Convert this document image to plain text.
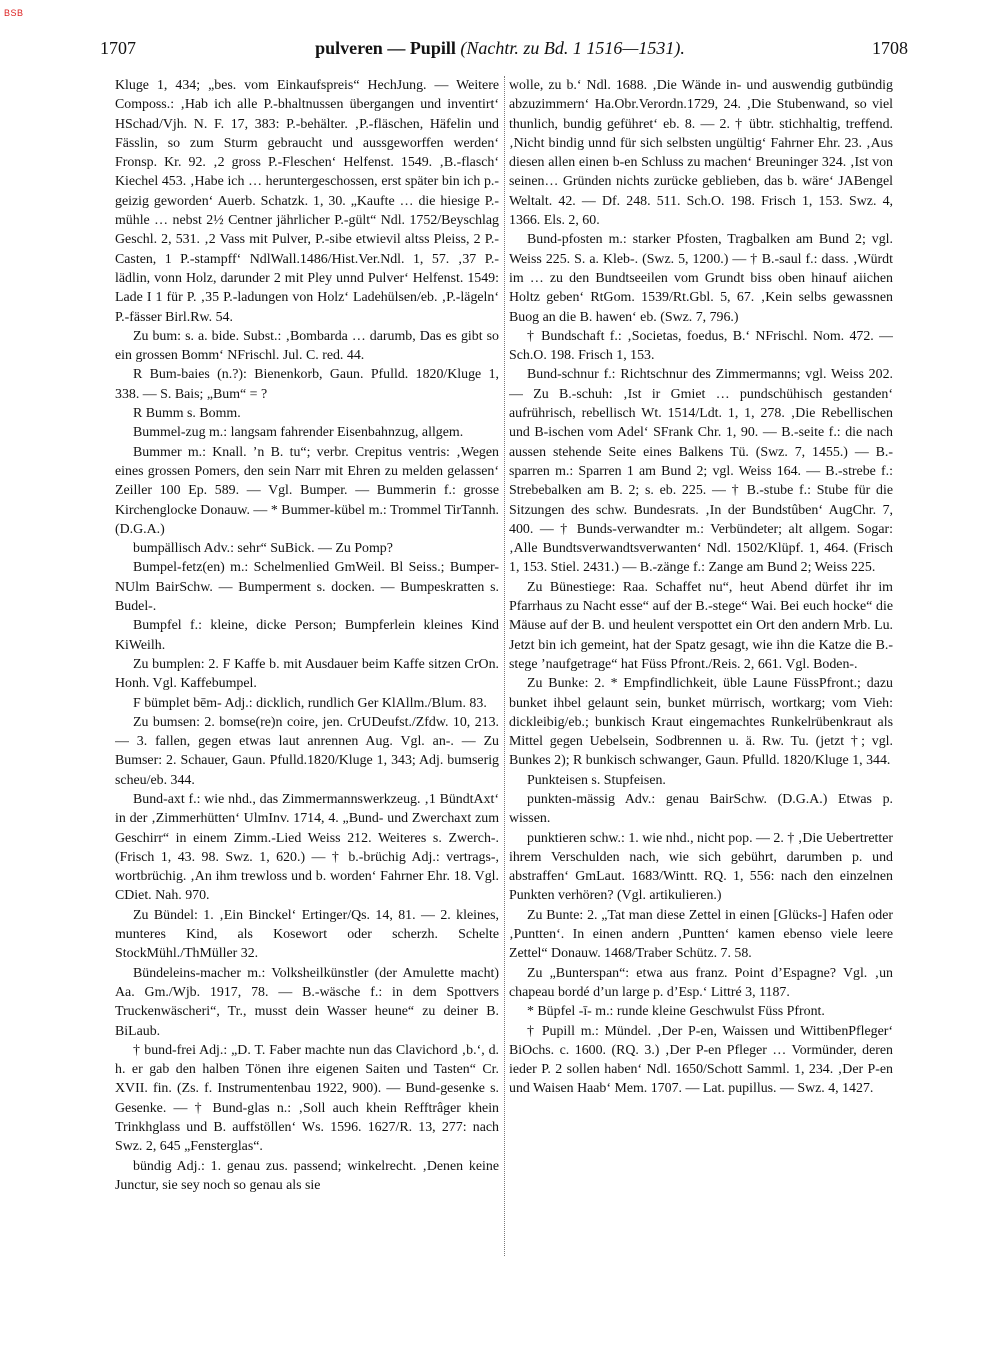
BSB
1707	pulveren — Pupill (Nachtr. zu Bd. 1 1516—1531).	1708

Kluge 1, 434; „bes. vom Einkaufspreis“ HechJung. — Weitere Composs.: ‚Hab ich alle P.-bhaltnussen übergangen und inventirt‘ HSchad/Vjh. N. F. 17, 383: P.-behälter. ‚P.-fläschen, Häfelin und Fässlin, so zum Sturm gebraucht und aussgeworffen werden‘ Fronsp. Kr. 92. ‚2 gross P.-Fleschen‘ Helfenst. 1549. ‚B.-flasch‘ Kiechel 453. ‚Habe ich … heruntergeschossen, erst später bin ich p.-geizig geworden‘ Auerb. Schatzk. 1, 30. „Kaufte … die hiesige P.-mühle … nebst 2½ Centner jährlicher P.-gült“ Ndl. 1752/Beyschlag Geschl. 2, 531. ‚2 Vass mit Pulver, P.-sibe etwievil altss Pleiss, 2 P.-Casten, 1 P.-stampff‘ NdlWall.1486/Hist.Ver.Ndl. 1, 57. ‚37 P.-lädlin, vonn Holz, darunder 2 mit Pley unnd Pulver‘ Helfenst. 1549: Lade I 1 für P. ‚35 P.-ladungen von Holz‘ Ladehülsen/eb. ‚P.-lägeln‘ P.-fässer Birl.Rw. 54.

Zu bum: s. a. bide. Subst.: ‚Bombarda … darumb, Das es gibt so ein grossen Bomm‘ NFrischl. Jul. C. red. 44.

R Bum-baies (n.?): Bienenkorb, Gaun. Pfulld. 1820/Kluge 1, 338. — S. Bais; „Bum“ = ?

R Bumm s. Bomm.

Bummel-zug m.: langsam fahrender Eisenbahnzug, allgem.

Bummer m.: Knall. ’n B. tu“; verbr. Crepitus ventris: ‚Wegen eines grossen Pomers, den sein Narr mit Ehren zu melden gelassen‘ Zeiller 100 Ep. 589. — Vgl. Bumper. — Bummerin f.: grosse Kirchenglocke Donauw. — * Bummer-kübel m.: Trommel TirTannh. (D.G.A.)

bumpällisch Adv.: sehr“ SuBick. — Zu Pomp?

Bumpel-fetz(en) m.: Schelmenlied GmWeil. Bl Seiss.; Bumper- NUlm BairSchw. — Bumperment s. docken. — Bumpeskratten s. Budel-.

Bumpfel f.: kleine, dicke Person; Bumpferlein kleines Kind KiWeilh.

Zu bumplen: 2. F Kaffe b. mit Ausdauer beim Kaffe sitzen CrOn. Honh. Vgl. Kaffebumpel.

F bümplet bēm- Adj.: dicklich, rundlich Ger KlAllm./Blum. 83.

Zu bumsen: 2. bomse(re)n coire, jen. CrUDeufst./Zfdw. 10, 213. — 3. fallen, gegen etwas laut anrennen Aug. Vgl. an-. — Zu Bumser: 2. Schauer, Gaun. Pfulld.1820/Kluge 1, 343; Adj. bumserig scheu/eb. 344.

Bund-axt f.: wie nhd., das Zimmermannswerkzeug. ‚1 BündtAxt‘ in der ‚Zimmerhütten‘ UlmInv. 1714, 4. „Bund- und Zwerchaxt zum Geschirr“ in einem Zimm.-Lied Weiss 212. Weiteres s. Zwerch-. (Frisch 1, 43. 98. Swz. 1, 620.) — † b.-brüchig Adj.: vertrags-, wortbrüchig. ‚An ihm trewloss und b. worden‘ Fahrner Ehr. 18. Vgl. CDiet. Nah. 970.

Zu Bündel: 1. ‚Ein Binckel‘ Ertinger/Qs. 14, 81. — 2. kleines, munteres Kind, als Kosewort oder scherzh. Schelte StockMühl./ThMüller 32.

Bündeleins-macher m.: Volksheilkünstler (der Amulette macht) Aa. Gm./Wjb. 1917, 78. — B.-wäsche f.: in dem Spottvers Truckenwäscheri“, Tr., musst dein Wasser heune“ zu deiner B. BiLaub.

† bund-frei Adj.: „D. T. Faber machte nun das Clavichord ‚b.‘, d. h. er gab den halben Tönen ihre eigenen Saiten und Tasten“ Cr. XVII. fin. (Zs. f. Instrumentenbau 1922, 900). — Bund-gesenke s. Gesenke. — † Bund-glas n.: ‚Soll auch khein Refftrâger khein Trinkhglass und B. auffstöllen‘ Ws. 1596. 1627/R. 13, 277: nach Swz. 2, 645 „Fensterglas“.

bündig Adj.: 1. genau zus. passend; winkelrecht. ‚Denen keine Junctur, sie sey noch so genau als sie

wolle, zu b.‘ Ndl. 1688. ‚Die Wände in- und auswendig gutbündig abzuzimmern‘ Ha.Obr.Verordn.1729, 24. ‚Die Stubenwand, so viel thunlich, bundig geführet‘ eb. 8. — 2. † übtr. stichhaltig, treffend. ‚Nicht bindig unnd für sich selbsten ungültig‘ Fahrner Ehr. 23. ‚Aus diesen allen einen b-en Schluss zu machen‘ Breuninger 324. ‚Ist von seinen… Gründen nichts zurücke geblieben, das b. wäre‘ JABengel Weltalt. 42. — Df. 248. 511. Sch.O. 198. Frisch 1, 153. Swz. 4, 1366. Els. 2, 60.

Bund-pfosten m.: starker Pfosten, Tragbalken am Bund 2; vgl. Weiss 225. S. a. Kleb-. (Swz. 5, 1200.) — † B.-saul f.: dass. ‚Würdt im … zu den Bundtseeilen vom Grundt biss oben hinauf aiichen Holtz geben‘ RtGom. 1539/Rt.Gbl. 5, 67. ‚Kein selbs gewassnen Buog an die B. hawen‘ eb. (Swz. 7, 796.)

† Bundschaft f.: ‚Societas, foedus, B.‘ NFrischl. Nom. 472. — Sch.O. 198. Frisch 1, 153.

Bund-schnur f.: Richtschnur des Zimmermanns; vgl. Weiss 202. — Zu B.-schuh: ‚Ist ir Gmiet … pundschühisch gestanden‘ aufrührisch, rebellisch Wt. 1514/Ldt. 1, 1, 278. ‚Die Rebellischen und B-ischen vom Adel‘ SFrank Chr. 1, 90. — B.-seite f.: die nach aussen stehende Seite eines Balkens Tü. (Swz. 7, 1455.) — B.-sparren m.: Sparren 1 am Bund 2; vgl. Weiss 164. — B.-strebe f.: Strebebalken am B. 2; s. eb. 225. — † B.-stube f.: Stube für die Sitzungen des schw. Bundesrats. ‚In der Bundstûben‘ AugChr. 7, 400. — † Bunds-verwandter m.: Verbündeter; alt allgem. Sogar: ‚Alle Bundtsverwandtsverwanten‘ Ndl. 1502/Klüpf. 1, 464. (Frisch 1, 153. Stiel. 2431.) — B.-zänge f.: Zange am Bund 2; Weiss 225.

Zu Bünestiege: Raa. Schaffet nu“, heut Abend dürfet ihr im Pfarrhaus zu Nacht esse“ auf der B.-stege“ Wai. Bei euch hocke“ die Mäuse auf der B. und heulent verspottet ein Ort den andern Mrb. Lu. Jetzt bin ich gemeint, hat der Spatz gesagt, wie ihn die Katze die B.-stege ’naufgetrage“ hat Füss Pfront./Reis. 2, 661. Vgl. Boden-.

Zu Bunke: 2. * Empfindlichkeit, üble Laune FüssPfront.; dazu bunket ihbel gelaunt sein, bunket mürrisch, wortkarg; vom Vieh: dickleibig/eb.; bunkisch Kraut eingemachtes Runkelrübenkraut als Mittel gegen Uebelsein, Sodbrennen u. ä. Rw. Tu. (jetzt †; vgl. Bunkes 2); R bunkisch schwanger, Gaun. Pfulld. 1820/Kluge 1, 344.

Punkteisen s. Stupfeisen.

punkten-mässig Adv.: genau BairSchw. (D.G.A.) Etwas p. wissen.

punktieren schw.: 1. wie nhd., nicht pop. — 2. † ‚Die Uebertretter ihrem Verschulden nach, wie sich gebührt, darumben p. und abstraffen‘ GmLaut. 1683/Wintt. RQ. 1, 556: nach den einzelnen Punkten verhören? (Vgl. artikulieren.)

Zu Bunte: 2. „Tat man diese Zettel in einen [Glücks-] Hafen oder ‚Puntten‘. In einen andern ‚Puntten‘ kamen ebenso viele leere Zettel“ Donauw. 1468/Traber Schütz. 7. 58.

Zu „Bunterspan“: etwa aus franz. Point d’Espagne? Vgl. ‚un chapeau bordé d’un large p. d’Esp.‘ Littré 3, 1187.

* Büpfel -ī- m.: runde kleine Geschwulst Füss Pfront.

† Pupill m.: Mündel. ‚Der P-en, Waissen und WittibenPfleger‘ BiOchs. c. 1600. (RQ. 3.) ‚Der P-en Pfleger … Vormünder, deren ieder P. 2 sollen haben‘ Ndl. 1650/Schott Samml. 1, 234. ‚Der P-en und Waisen Haab‘ Mem. 1707. — Lat. pupillus. — Swz. 4, 1427.
